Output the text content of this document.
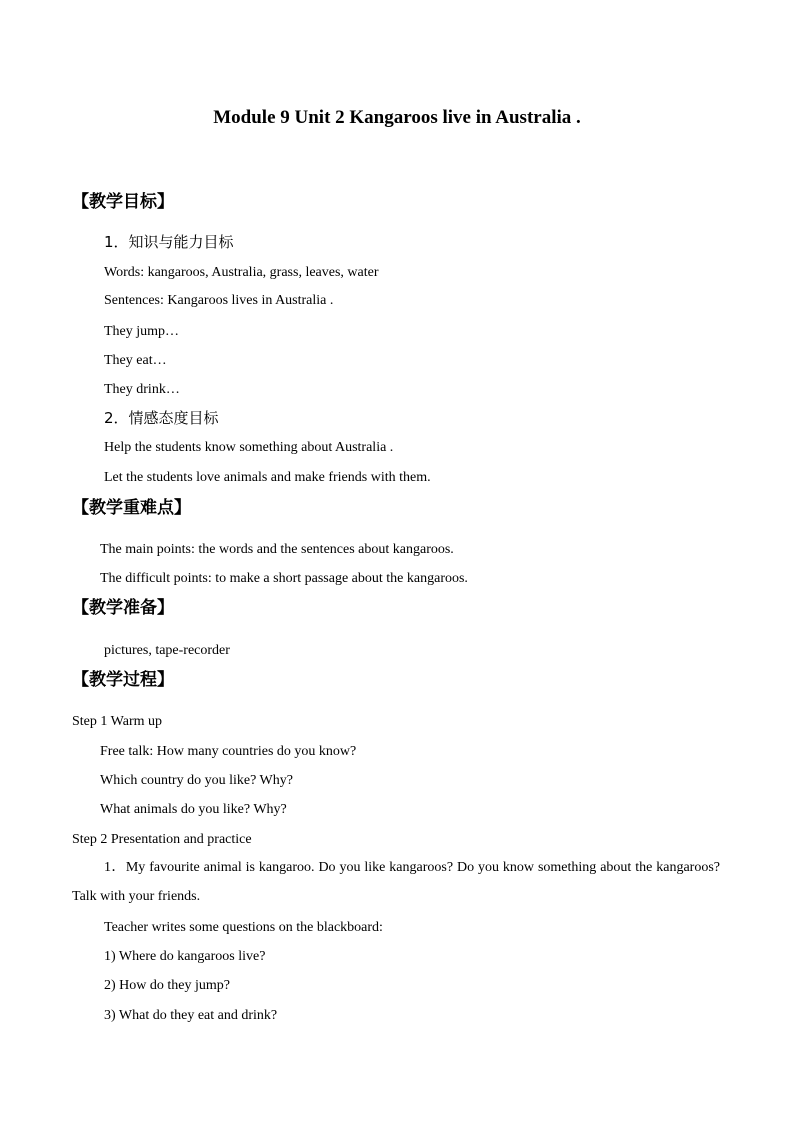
Module 9 Unit 2 Kangaroos live in Australia .
【教学目标】
1．知识与能力目标
Words: kangaroos, Australia, grass, leaves, water
Sentences: Kangaroos lives in Australia .
They jump…
They eat…
They drink…
2．情感态度目标
Help the students know something about Australia .
Let the students love animals and make friends with them.
【教学重难点】
The main points: the words and the sentences about kangaroos.
The difficult points: to make a short passage about the kangaroos.
【教学准备】
pictures, tape-recorder
【教学过程】
Step 1 Warm up
Free talk: How many countries do you know?
Which country do you like? Why?
What animals do you like? Why?
Step 2 Presentation and practice
1．My favourite animal is kangaroo. Do you like kangaroos? Do you know something about the kangaroos? Talk with your friends.
Teacher writes some questions on the blackboard:
1) Where do kangaroos live?
2) How do they jump?
3) What do they eat and drink?
